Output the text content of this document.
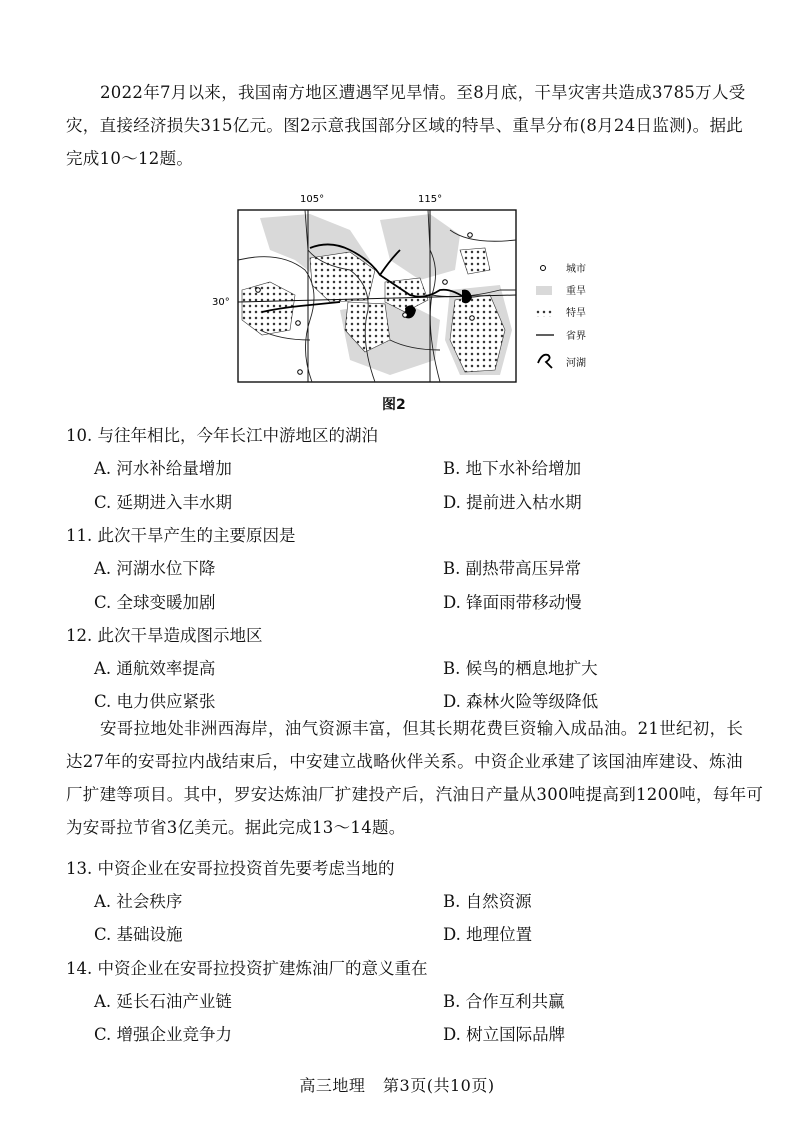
2022年7月以来，我国南方地区遭遇罕见旱情。至8月底，干旱灾害共造成3785万人受
灾，直接经济损失315亿元。图2示意我国部分区域的特旱、重旱分布(8月24日监测)。据此
完成10～12题。
105°	115°
30°
城市
重旱
特旱
省界
河湖
图2
10. 与往年相比，今年长江中游地区的湖泊
A. 河水补给量增加	B. 地下水补给增加
C. 延期进入丰水期	D. 提前进入枯水期
11. 此次干旱产生的主要原因是
A. 河湖水位下降	B. 副热带高压异常
C. 全球变暖加剧	D. 锋面雨带移动慢
12. 此次干旱造成图示地区
A. 通航效率提高	B. 候鸟的栖息地扩大
C. 电力供应紧张	D. 森林火险等级降低
安哥拉地处非洲西海岸，油气资源丰富，但其长期花费巨资输入成品油。21世纪初，长
达27年的安哥拉内战结束后，中安建立战略伙伴关系。中资企业承建了该国油库建设、炼油
厂扩建等项目。其中，罗安达炼油厂扩建投产后，汽油日产量从300吨提高到1200吨，每年可
为安哥拉节省3亿美元。据此完成13～14题。
13. 中资企业在安哥拉投资首先要考虑当地的
A. 社会秩序	B. 自然资源
C. 基础设施	D. 地理位置
14. 中资企业在安哥拉投资扩建炼油厂的意义重在
A. 延长石油产业链	B. 合作互利共赢
C. 增强企业竞争力	D. 树立国际品牌
高三地理 第3页(共10页)
